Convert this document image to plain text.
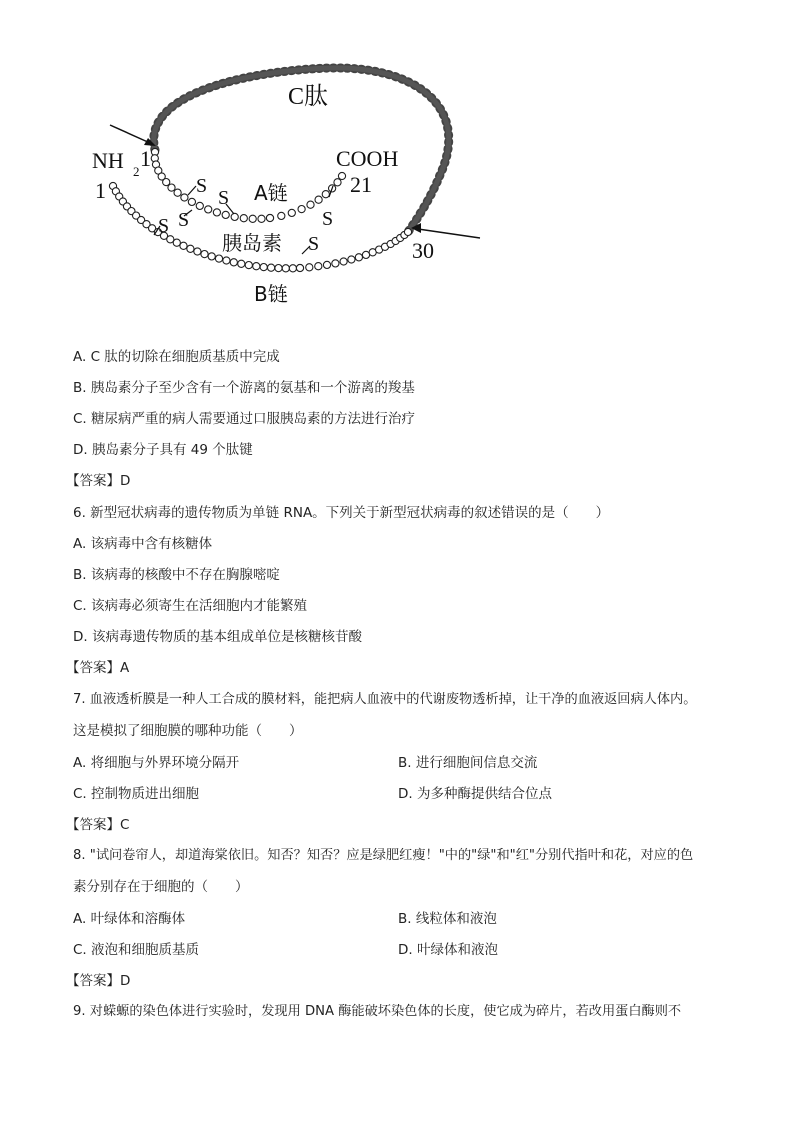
C肽
NH 2
1
1
COOH
21
A链
胰岛素
B链
30
S
S
S S	S
S
A. C 肽的切除在细胞质基质中完成
B. 胰岛素分子至少含有一个游离的氨基和一个游离的羧基
C. 糖尿病严重的病人需要通过口服胰岛素的方法进行治疗
D. 胰岛素分子具有 49 个肽键
【答案】D
6. 新型冠状病毒的遗传物质为单链 RNA。下列关于新型冠状病毒的叙述错误的是（　　）
A. 该病毒中含有核糖体
B. 该病毒的核酸中不存在胸腺嘧啶
C. 该病毒必须寄生在活细胞内才能繁殖
D. 该病毒遗传物质的基本组成单位是核糖核苷酸
【答案】A
7. 血液透析膜是一种人工合成的膜材料，能把病人血液中的代谢废物透析掉，让干净的血液返回病人体内。
这是模拟了细胞膜的哪种功能（　　）
A. 将细胞与外界环境分隔开	B. 进行细胞间信息交流
C. 控制物质进出细胞	D. 为多种酶提供结合位点
【答案】C
8. "试问卷帘人，却道海棠依旧。知否？知否？应是绿肥红瘦！"中的"绿"和"红"分别代指叶和花，对应的色
素分别存在于细胞的（　　）
A. 叶绿体和溶酶体	B. 线粒体和液泡
C. 液泡和细胞质基质	D. 叶绿体和液泡
【答案】D
9. 对蝾螈的染色体进行实验时，发现用 DNA 酶能破坏染色体的长度，使它成为碎片，若改用蛋白酶则不
